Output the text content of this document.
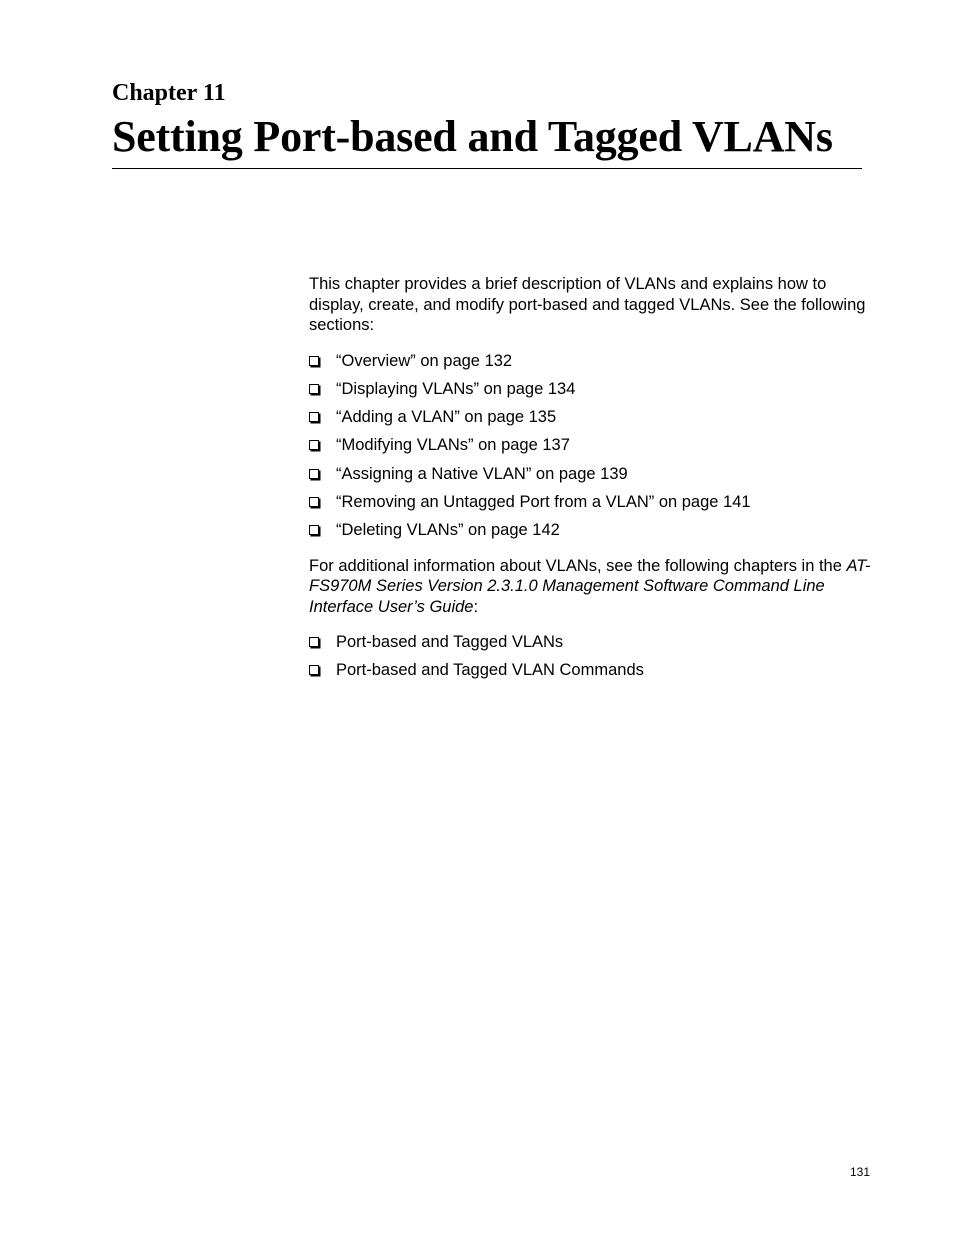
Chapter 11
Setting Port-based and Tagged VLANs

This chapter provides a brief description of VLANs and explains how to display, create, and modify port-based and tagged VLANs. See the following sections:

“Overview” on page 132
“Displaying VLANs” on page 134
“Adding a VLAN” on page 135
“Modifying VLANs” on page 137
“Assigning a Native VLAN” on page 139
“Removing an Untagged Port from a VLAN” on page 141
“Deleting VLANs” on page 142

For additional information about VLANs, see the following chapters in the AT-FS970M Series Version 2.3.1.0 Management Software Command Line Interface User’s Guide:

Port-based and Tagged VLANs
Port-based and Tagged VLAN Commands
131
